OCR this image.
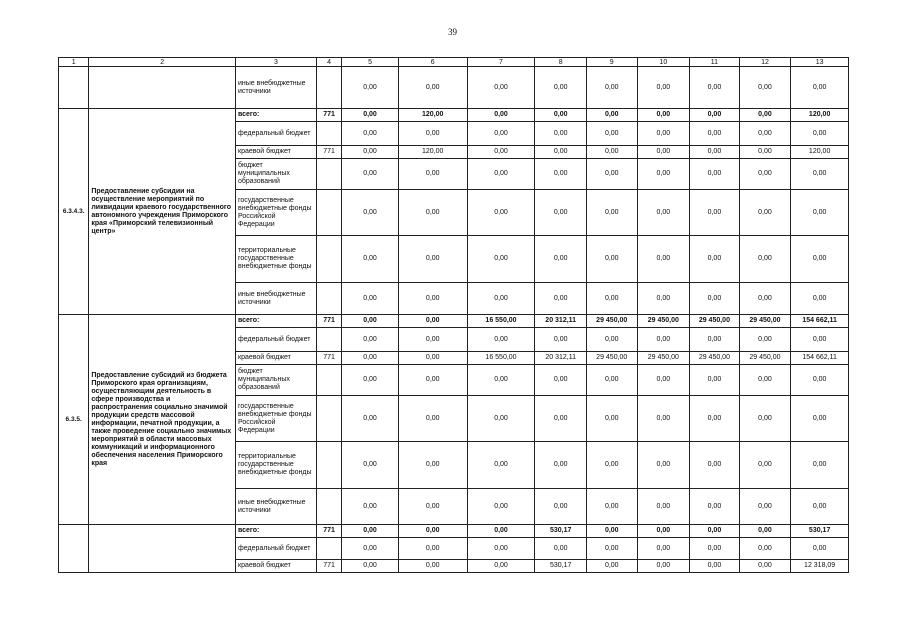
39
1	2	3	4	5	6	7	8	9	10	11	12	13
		иные внебюджетные источники		0,00	0,00	0,00	0,00	0,00	0,00	0,00	0,00	0,00
6.3.4.3.	Предоставление субсидии на осуществление мероприятий по ликвидации краевого государственного автономного учреждения Приморского края «Приморский телевизионный центр»	всего:	771	0,00	120,00	0,00	0,00	0,00	0,00	0,00	0,00	120,00
		федеральный бюджет		0,00	0,00	0,00	0,00	0,00	0,00	0,00	0,00	0,00
		краевой бюджет	771	0,00	120,00	0,00	0,00	0,00	0,00	0,00	0,00	120,00
		бюджет муниципальных образований		0,00	0,00	0,00	0,00	0,00	0,00	0,00	0,00	0,00
		государственные внебюджетные фонды Российской Федерации		0,00	0,00	0,00	0,00	0,00	0,00	0,00	0,00	0,00
		территориальные государственные внебюджетные фонды		0,00	0,00	0,00	0,00	0,00	0,00	0,00	0,00	0,00
		иные внебюджетные источники		0,00	0,00	0,00	0,00	0,00	0,00	0,00	0,00	0,00
6.3.5.	Предоставление субсидий из бюджета Приморского края организациям, осуществляющим деятельность в сфере производства и распространения социально значимой продукции средств массовой информации, печатной продукции, а также проведение социально значимых мероприятий в области массовых коммуникаций и информационного обеспечения населения Приморского края	всего:	771	0,00	0,00	16 550,00	20 312,11	29 450,00	29 450,00	29 450,00	29 450,00	154 662,11
		федеральный бюджет		0,00	0,00	0,00	0,00	0,00	0,00	0,00	0,00	0,00
		краевой бюджет	771	0,00	0,00	16 550,00	20 312,11	29 450,00	29 450,00	29 450,00	29 450,00	154 662,11
		бюджет муниципальных образований		0,00	0,00	0,00	0,00	0,00	0,00	0,00	0,00	0,00
		государственные внебюджетные фонды Российской Федерации		0,00	0,00	0,00	0,00	0,00	0,00	0,00	0,00	0,00
		территориальные государственные внебюджетные фонды		0,00	0,00	0,00	0,00	0,00	0,00	0,00	0,00	0,00
		иные внебюджетные источники		0,00	0,00	0,00	0,00	0,00	0,00	0,00	0,00	0,00
		всего:	771	0,00	0,00	0,00	530,17	0,00	0,00	0,00	0,00	530,17
		федеральный бюджет		0,00	0,00	0,00	0,00	0,00	0,00	0,00	0,00	0,00
		краевой бюджет	771	0,00	0,00	0,00	530,17	0,00	0,00	0,00	0,00	12 318,09
